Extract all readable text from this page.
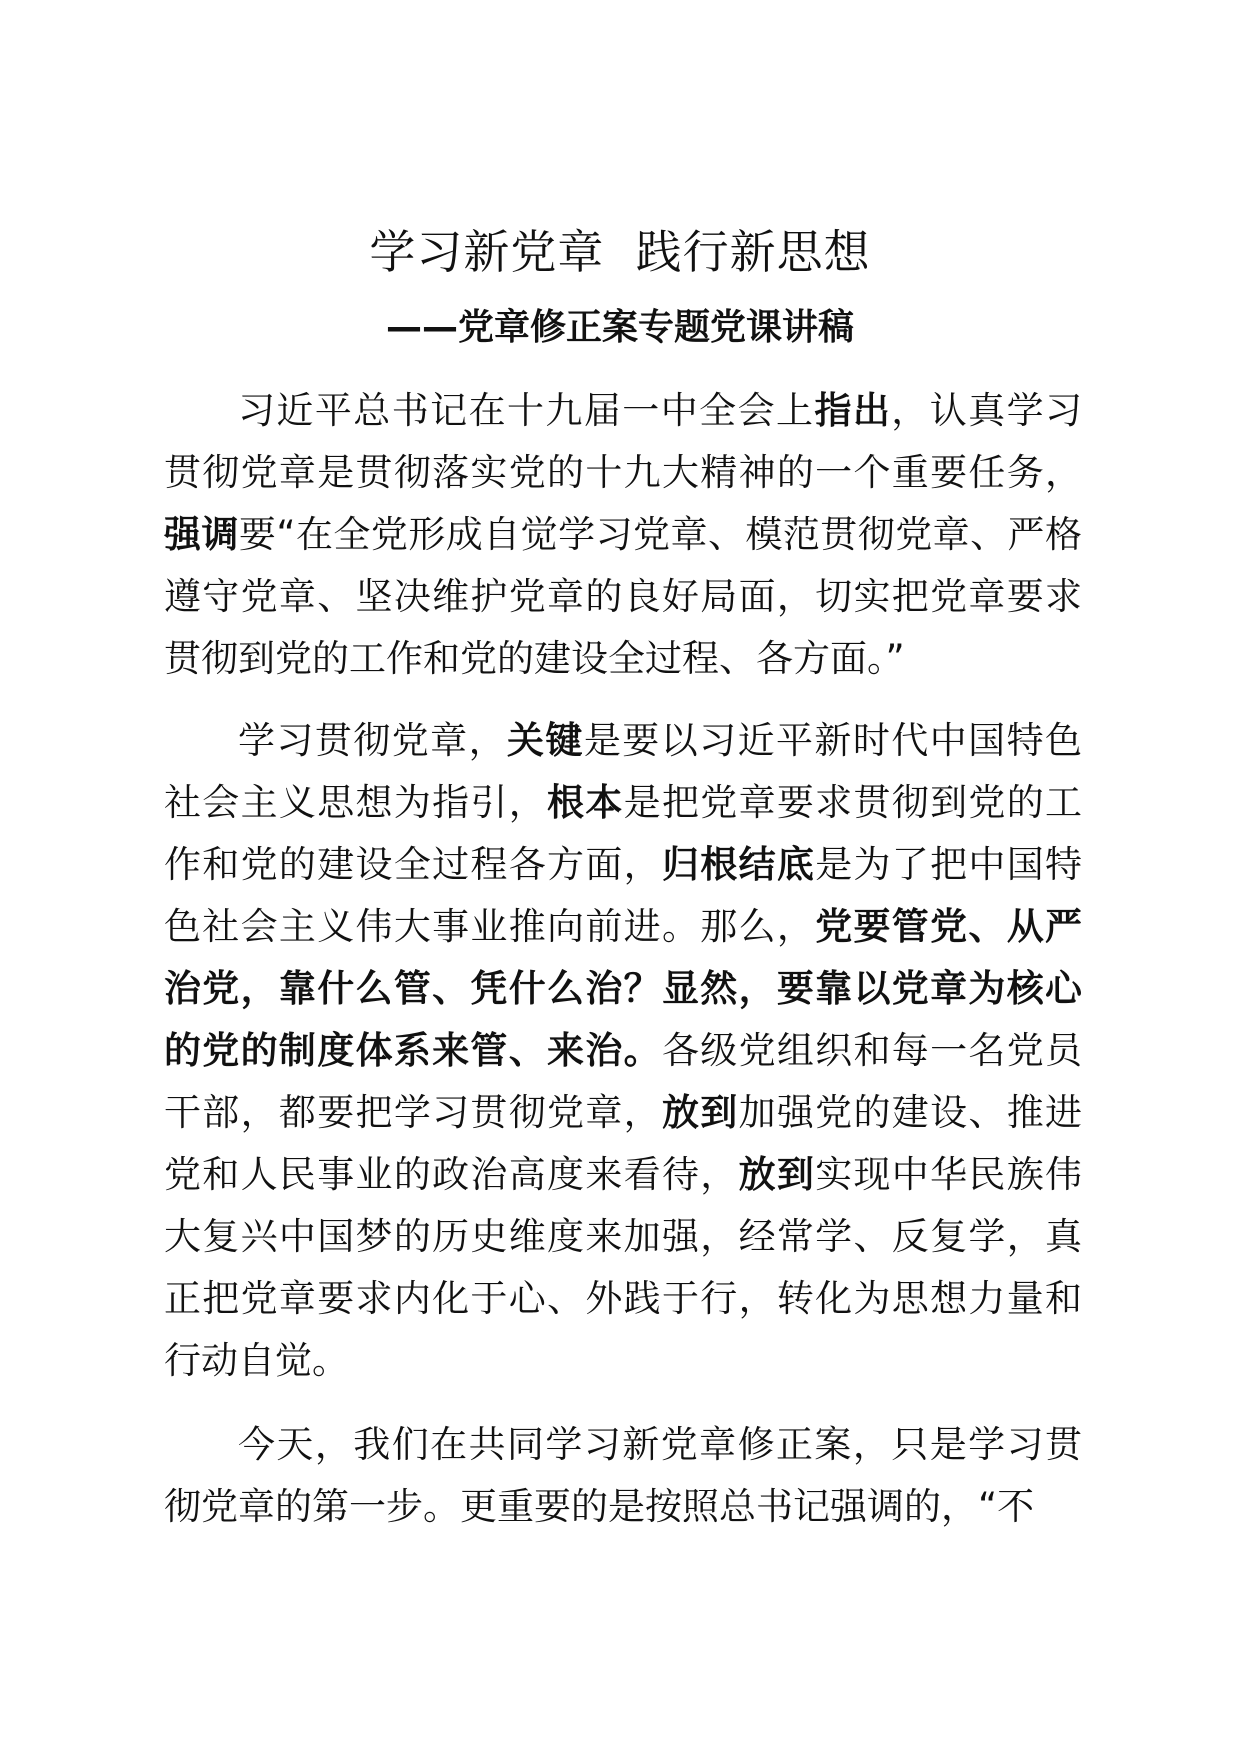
学习新党章  践行新思想
——党章修正案专题党课讲稿

习近平总书记在十九届一中全会上指出，认真学习贯彻党章是贯彻落实党的十九大精神的一个重要任务，强调要“在全党形成自觉学习党章、模范贯彻党章、严格遵守党章、坚决维护党章的良好局面，切实把党章要求贯彻到党的工作和党的建设全过程、各方面。”

学习贯彻党章，关键是要以习近平新时代中国特色社会主义思想为指引，根本是把党章要求贯彻到党的工作和党的建设全过程各方面，归根结底是为了把中国特色社会主义伟大事业推向前进。那么，党要管党、从严治党，靠什么管、凭什么治？显然，要靠以党章为核心的党的制度体系来管、来治。各级党组织和每一名党员干部，都要把学习贯彻党章，放到加强党的建设、推进党和人民事业的政治高度来看待，放到实现中华民族伟大复兴中国梦的历史维度来加强，经常学、反复学，真正把党章要求内化于心、外践于行，转化为思想力量和行动自觉。

今天，我们在共同学习新党章修正案，只是学习贯彻党章的第一步。更重要的是按照总书记强调的，“不
